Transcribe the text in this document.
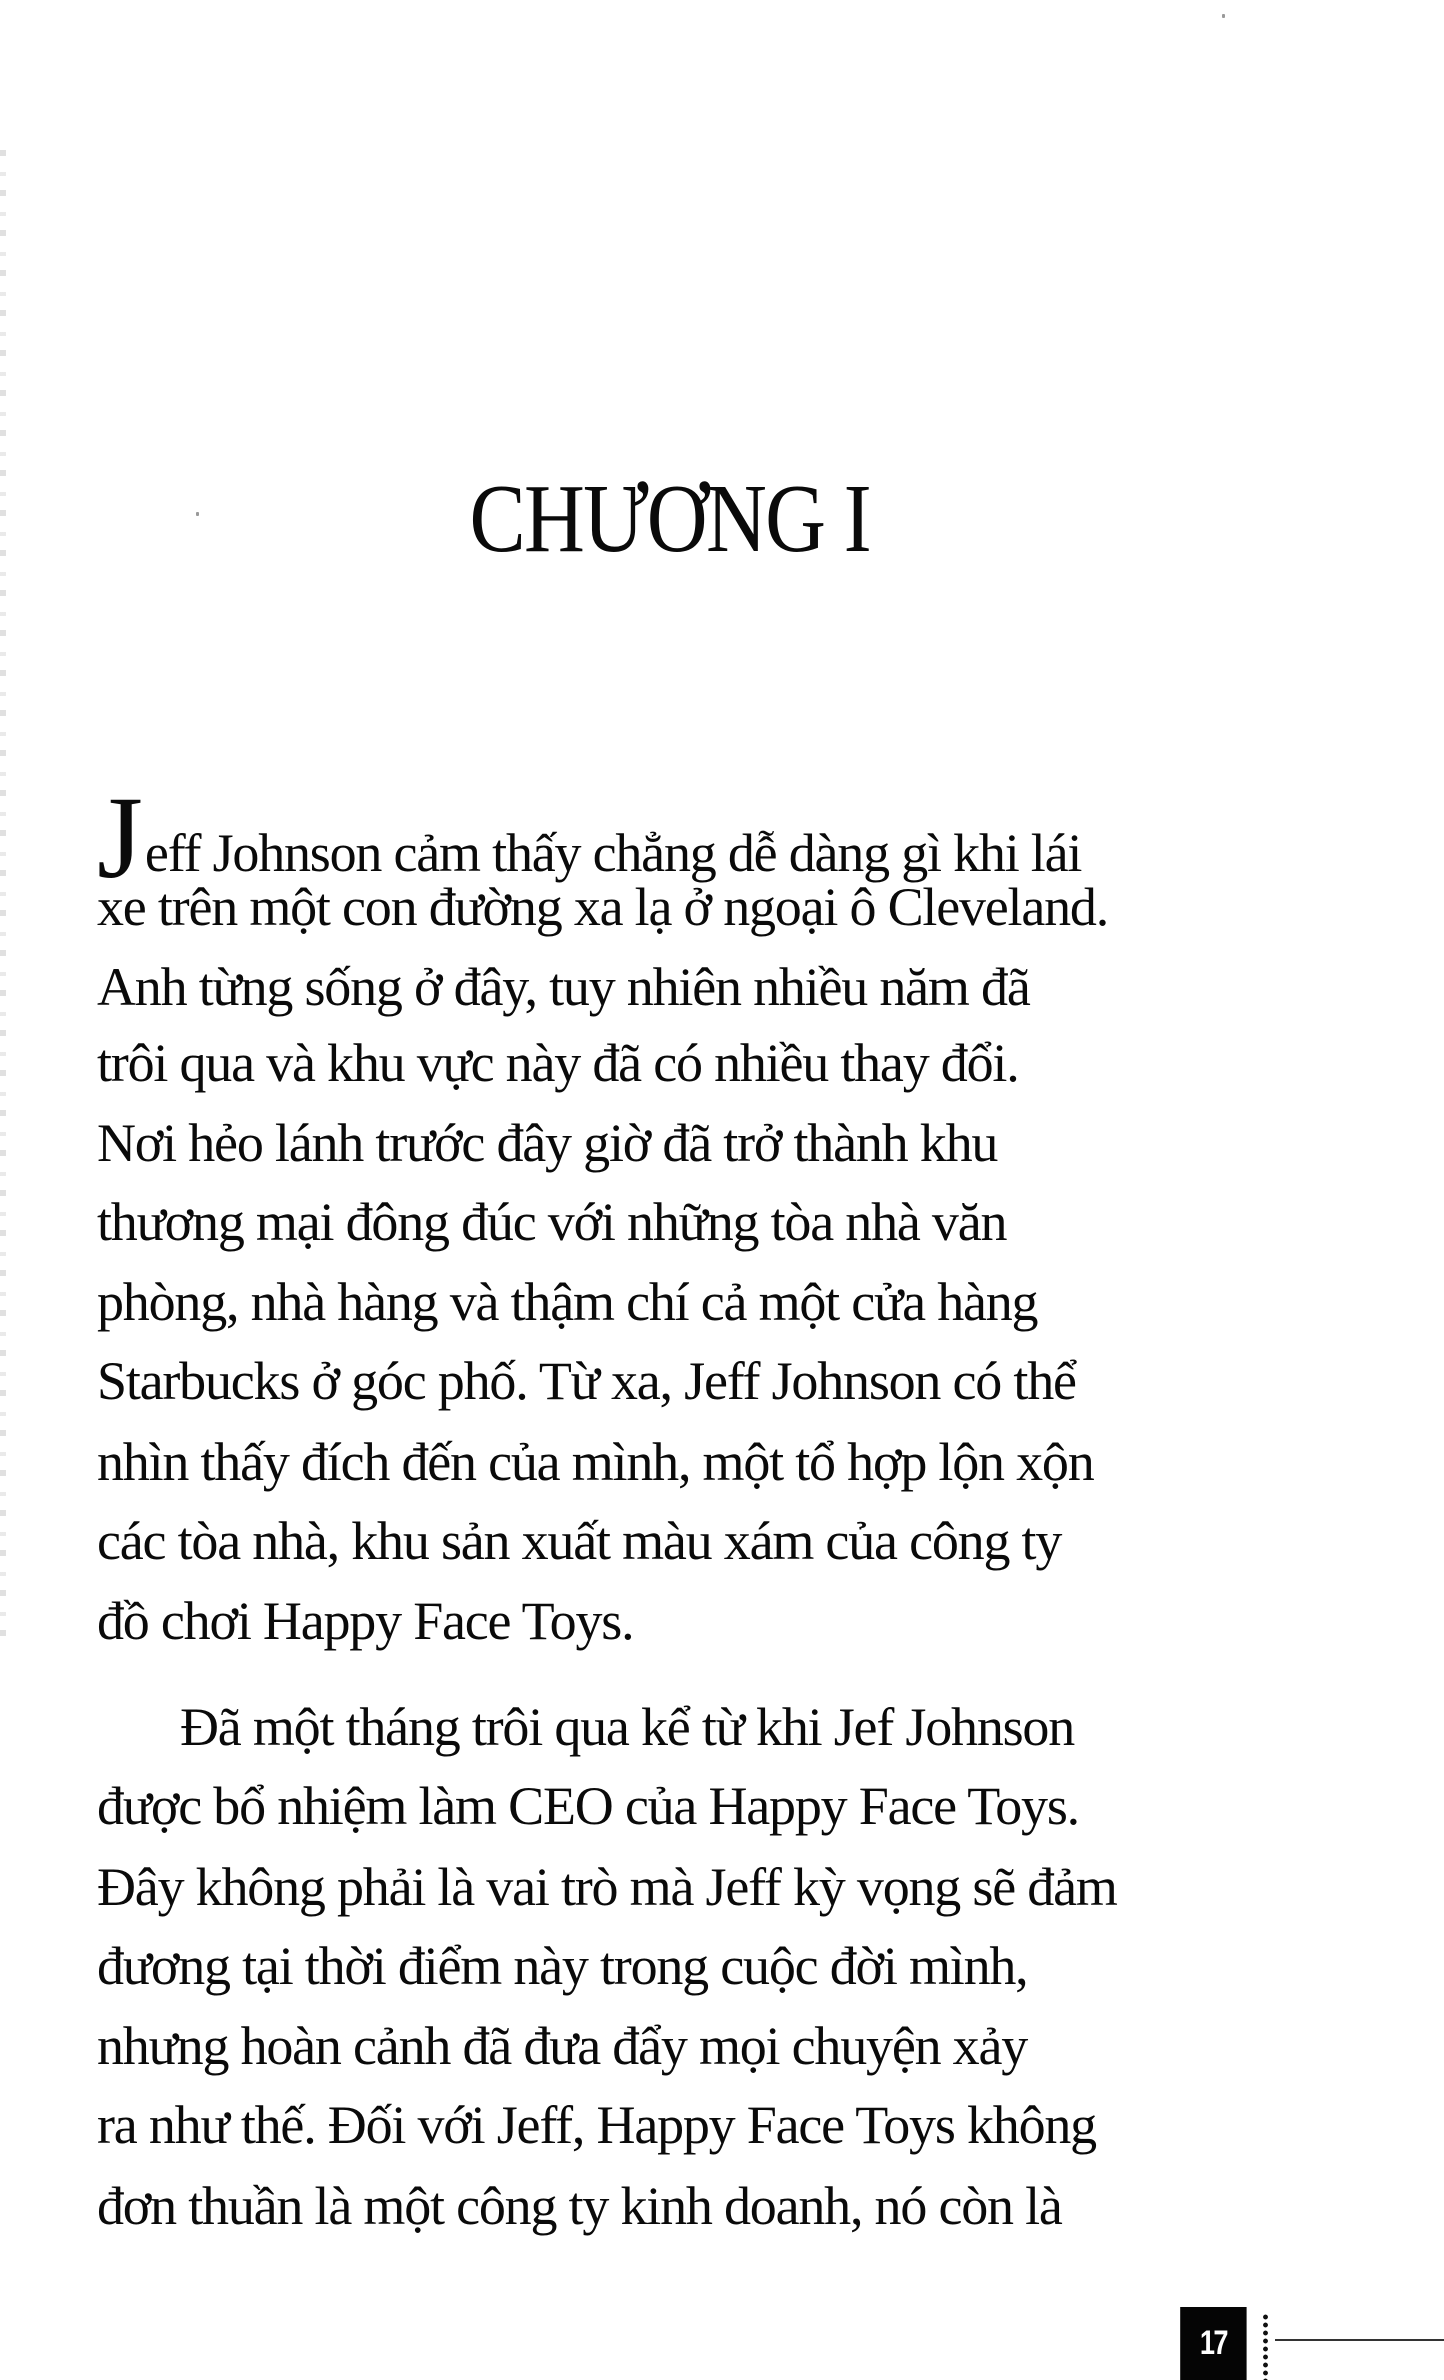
CHƯƠNG I
Jeff Johnson cảm thấy chẳng dễ dàng gì khi lái
xe trên một con đường xa lạ ở ngoại ô Cleveland.
Anh từng sống ở đây, tuy nhiên nhiều năm đã
trôi qua và khu vực này đã có nhiều thay đổi.
Nơi hẻo lánh trước đây giờ đã trở thành khu
thương mại đông đúc với những tòa nhà văn
phòng, nhà hàng và thậm chí cả một cửa hàng
Starbucks ở góc phố. Từ xa, Jeff Johnson có thể
nhìn thấy đích đến của mình, một tổ hợp lộn xộn
các tòa nhà, khu sản xuất màu xám của công ty
đồ chơi Happy Face Toys.
Đã một tháng trôi qua kể từ khi Jef Johnson
được bổ nhiệm làm CEO của Happy Face Toys.
Đây không phải là vai trò mà Jeff kỳ vọng sẽ đảm
đương tại thời điểm này trong cuộc đời mình,
nhưng hoàn cảnh đã đưa đẩy mọi chuyện xảy
ra như thế. Đối với Jeff, Happy Face Toys không
đơn thuần là một công ty kinh doanh, nó còn là
17
